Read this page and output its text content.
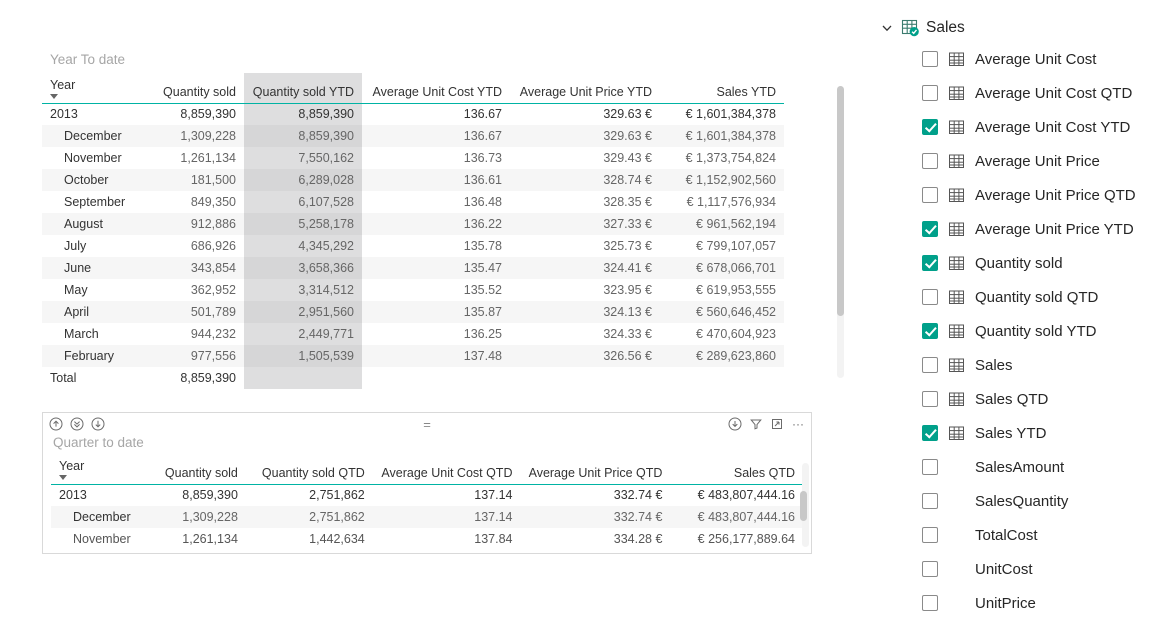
Year To date
Year	Quantity sold	Quantity sold YTD	Average Unit Cost YTD	Average Unit Price YTD	Sales YTD
2013	8,859,390	8,859,390	136.67	329.63 €	€ 1,601,384,378
December	1,309,228	8,859,390	136.67	329.63 €	€ 1,601,384,378
November	1,261,134	7,550,162	136.73	329.43 €	€ 1,373,754,824
October	181,500	6,289,028	136.61	328.74 €	€ 1,152,902,560
September	849,350	6,107,528	136.48	328.35 €	€ 1,117,576,934
August	912,886	5,258,178	136.22	327.33 €	€ 961,562,194
July	686,926	4,345,292	135.78	325.73 €	€ 799,107,057
June	343,854	3,658,366	135.47	324.41 €	€ 678,066,701
May	362,952	3,314,512	135.52	323.95 €	€ 619,953,555
April	501,789	2,951,560	135.87	324.13 €	€ 560,646,452
March	944,232	2,449,771	136.25	324.33 €	€ 470,604,923
February	977,556	1,505,539	137.48	326.56 €	€ 289,623,860
Total	8,859,390				
=	···
Quarter to date
Year	Quantity sold	Quantity sold QTD	Average Unit Cost QTD	Average Unit Price QTD	Sales QTD
2013	8,859,390	2,751,862	137.14	332.74 €	€ 483,807,444.16
December	1,309,228	2,751,862	137.14	332.74 €	€ 483,807,444.16
November	1,261,134	1,442,634	137.84	334.28 €	€ 256,177,889.64
Sales
Average Unit Cost
Average Unit Cost QTD
Average Unit Cost YTD
Average Unit Price
Average Unit Price QTD
Average Unit Price YTD
Quantity sold
Quantity sold QTD
Quantity sold YTD
Sales
Sales QTD
Sales YTD
SalesAmount
SalesQuantity
TotalCost
UnitCost
UnitPrice
